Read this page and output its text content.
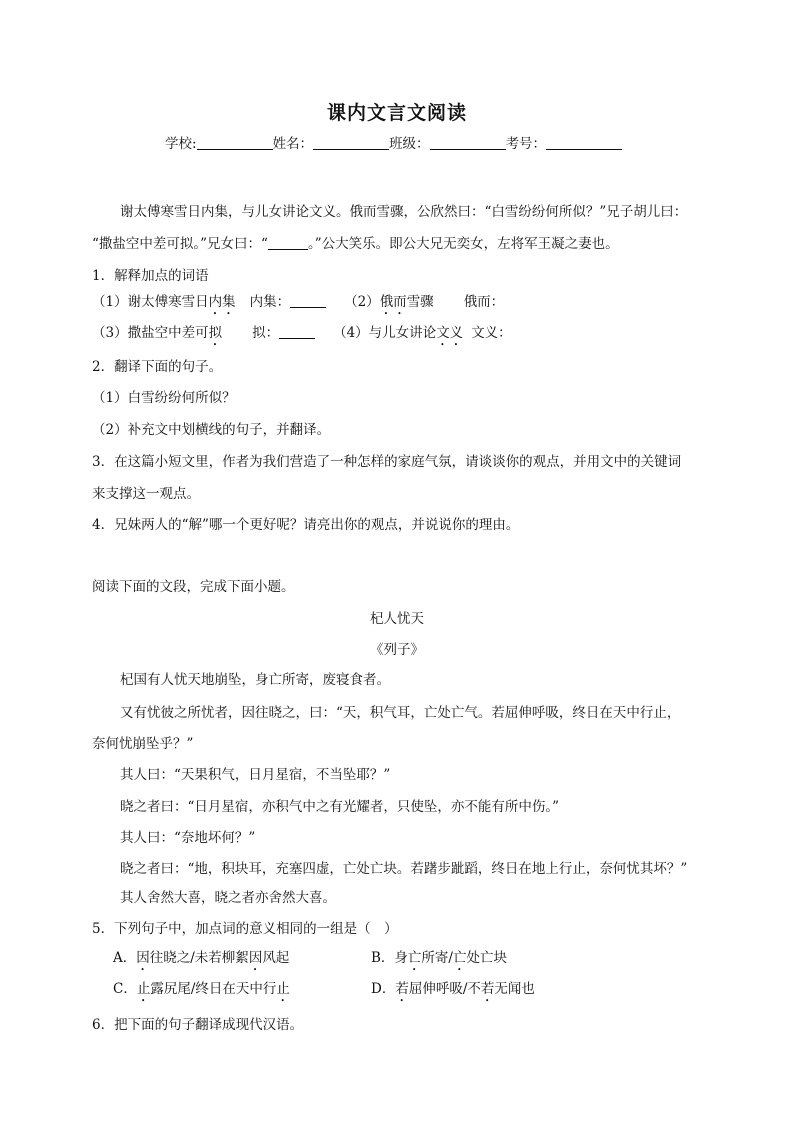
课内文言文阅读
学校:	姓名：	班级：	考号：
谢太傅寒雪日内集，与儿女讲论文义。俄而雪骤，公欣然曰：“白雪纷纷何所似？”兄子胡儿曰：
“撒盐空中差可拟。”兄女曰：“	。”公大笑乐。即公大兄无奕女，左将军王凝之妻也。
1．解释加点的词语
（1）谢太傅寒雪日内集 内集：	（2）俄而雪骤 俄而：
（3）撒盐空中差可拟 拟：	（4）与儿女讲论文义 文义：
2．翻译下面的句子。
（1）白雪纷纷何所似？
（2）补充文中划横线的句子，并翻译。
3．在这篇小短文里，作者为我们营造了一种怎样的家庭气氛，请谈谈你的观点，并用文中的关键词
来支撑这一观点。
4．兄妹两人的“解”哪一个更好呢？请亮出你的观点，并说说你的理由。
阅读下面的文段，完成下面小题。
杞人忧天
《列子》
杞国有人忧天地崩坠，身亡所寄，废寝食者。
又有忧彼之所忧者，因往晓之，曰：“天，积气耳，亡处亡气。若屈伸呼吸，终日在天中行止，
奈何忧崩坠乎？”
其人曰：“天果积气，日月星宿，不当坠耶？”
晓之者曰：“日月星宿，亦积气中之有光耀者，只使坠，亦不能有所中伤。”
其人曰：“奈地坏何？”
晓之者曰：“地，积块耳，充塞四虚，亡处亡块。若躇步跐蹈，终日在地上行止，奈何忧其坏？”
其人舍然大喜，晓之者亦舍然大喜。
5．下列句子中，加点词的意义相同的一组是（　）
A．因往晓之/未若柳絮因风起	B．身亡所寄/亡处亡块
C．止露尻尾/终日在天中行止	D．若屈伸呼吸/不若无闻也
6．把下面的句子翻译成现代汉语。
